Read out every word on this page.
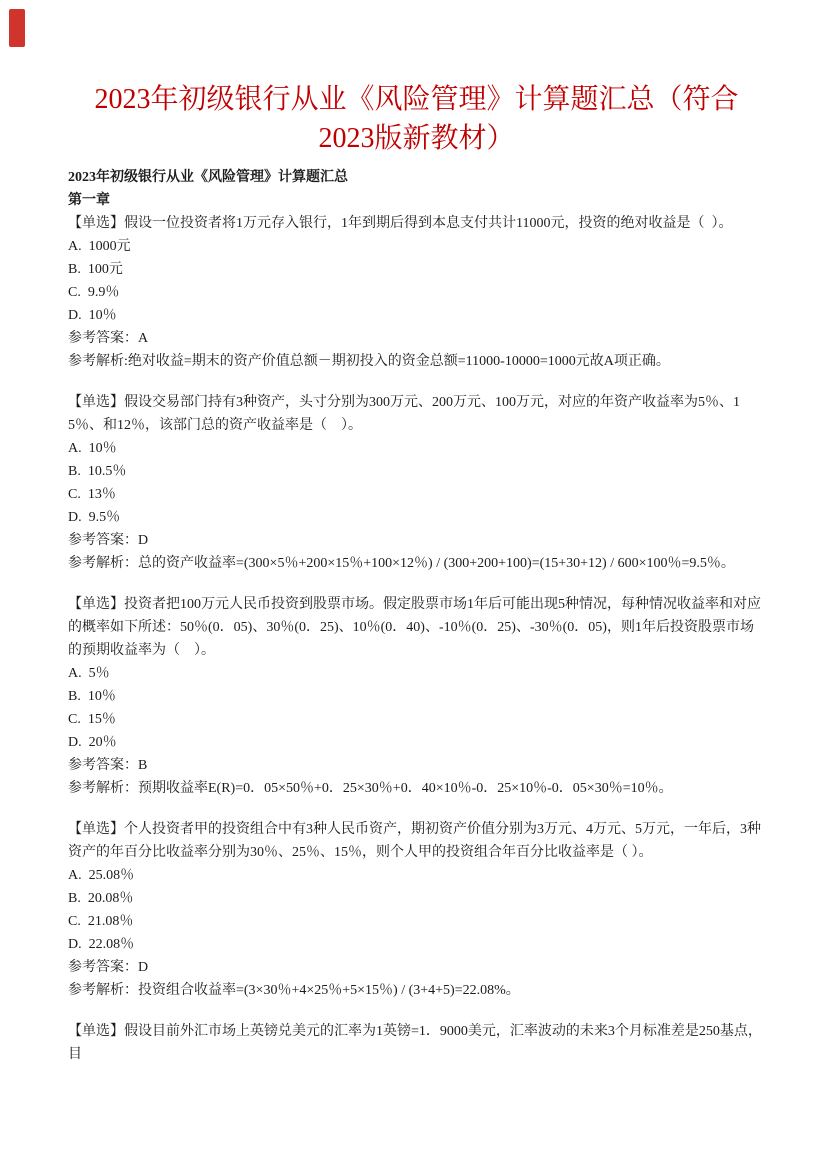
2023年初级银行从业《风险管理》计算题汇总（符合2023版新教材）

2023年初级银行从业《风险管理》计算题汇总

第一章

【单选】假设一位投资者将1万元存入银行，1年到期后得到本息支付共计11000元，投资的绝对收益是（  ）。

A.  1000元

B.  100元

C.  9.9％

D.  10％

参考答案：A

参考解析:绝对收益=期末的资产价值总额－期初投入的资金总额=11000-10000=1000元故A项正确。

【单选】假设交易部门持有3种资产，头寸分别为300万元、200万元、100万元，对应的年资产收益率为5％、15％、和12％，该部门总的资产收益率是（    ）。

A.  10％

B.  10.5％

C.  13％

D.  9.5％

参考答案：D

参考解析：总的资产收益率=(300×5％+200×15％+100×12％) / (300+200+100)=(15+30+12) / 600×100％=9.5％。

【单选】投资者把100万元人民币投资到股票市场。假定股票市场1年后可能出现5种情况，每种情况收益率和对应的概率如下所述：50％(0．05)、30％(0．25)、10％(0．40)、-10％(0．25)、-30％(0．05)，则1年后投资股票市场的预期收益率为（　）。

A.  5％

B.  10％

C.  15％

D.  20％

参考答案：B

参考解析：预期收益率E(R)=0．05×50％+0．25×30％+0．40×10％-0．25×10％-0．05×30％=10％。

【单选】个人投资者甲的投资组合中有3种人民币资产，期初资产价值分别为3万元、4万元、5万元，一年后，3种资产的年百分比收益率分别为30％、25％、15％，则个人甲的投资组合年百分比收益率是（ ）。

A.  25.08％

B.  20.08％

C.  21.08％

D.  22.08％

参考答案：D

参考解析：投资组合收益率=(3×30％+4×25％+5×15％) / (3+4+5)=22.08%。

【单选】假设目前外汇市场上英镑兑美元的汇率为1英镑=1．9000美元，汇率波动的未来3个月标准差是250基点，目
